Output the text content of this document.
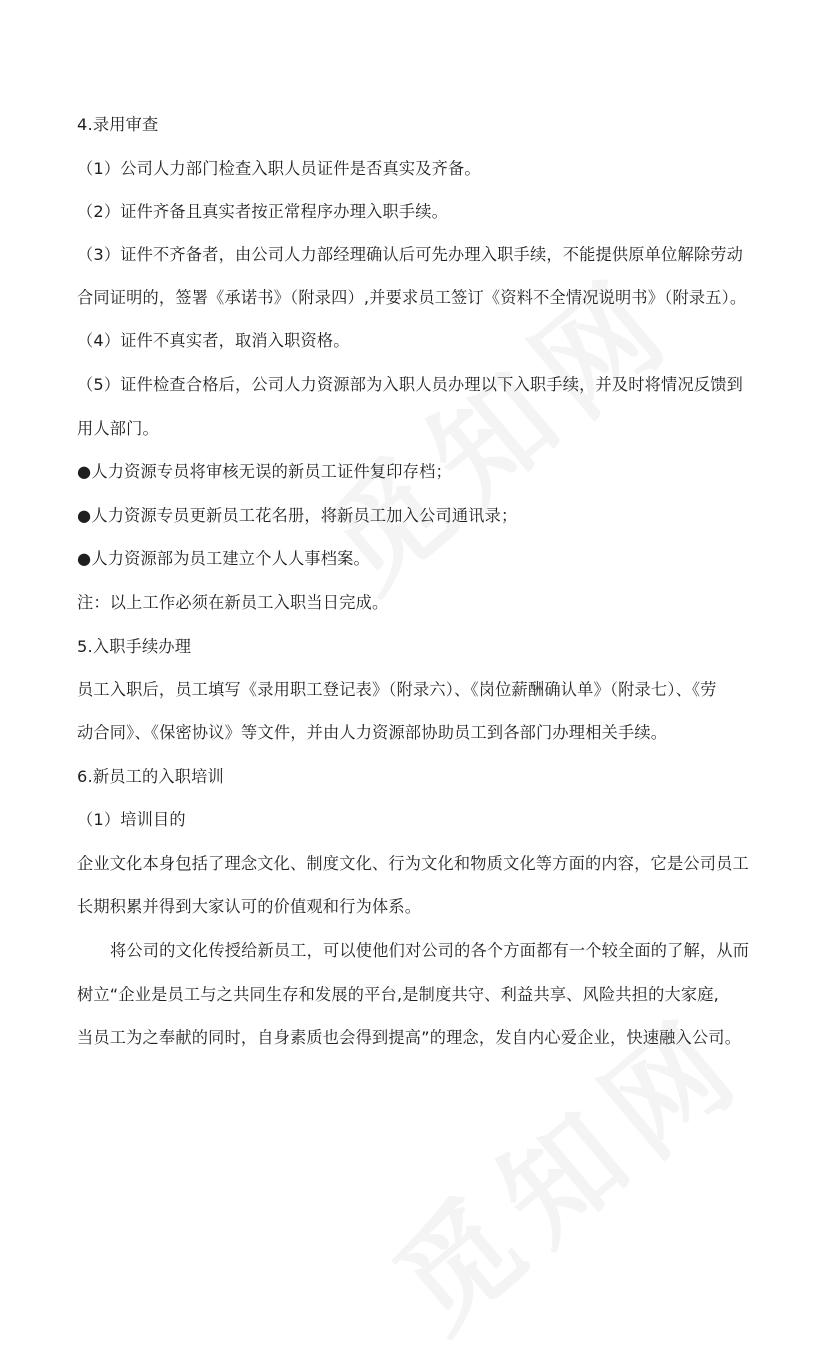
4.录用审查
（1）公司人力部门检查入职人员证件是否真实及齐备。
（2）证件齐备且真实者按正常程序办理入职手续。
（3）证件不齐备者，由公司人力部经理确认后可先办理入职手续，不能提供原单位解除劳动
合同证明的，签署《承诺书》（附录四）,并要求员工签订《资料不全情况说明书》（附录五）。
（4）证件不真实者，取消入职资格。
（5）证件检查合格后，公司人力资源部为入职人员办理以下入职手续，并及时将情况反馈到
用人部门。
●人力资源专员将审核无误的新员工证件复印存档；
●人力资源专员更新员工花名册，将新员工加入公司通讯录；
●人力资源部为员工建立个人人事档案。
注：以上工作必须在新员工入职当日完成。
5.入职手续办理
员工入职后，员工填写《录用职工登记表》（附录六）、《岗位薪酬确认单》（附录七）、《劳
动合同》、《保密协议》等文件，并由人力资源部协助员工到各部门办理相关手续。
6.新员工的入职培训
（1）培训目的
企业文化本身包括了理念文化、制度文化、行为文化和物质文化等方面的内容，它是公司员工
长期积累并得到大家认可的价值观和行为体系。
将公司的文化传授给新员工，可以使他们对公司的各个方面都有一个较全面的了解，从而
树立“企业是员工与之共同生存和发展的平台,是制度共守、利益共享、风险共担的大家庭,
当员工为之奉献的同时，自身素质也会得到提高”的理念，发自内心爱企业，快速融入公司。
